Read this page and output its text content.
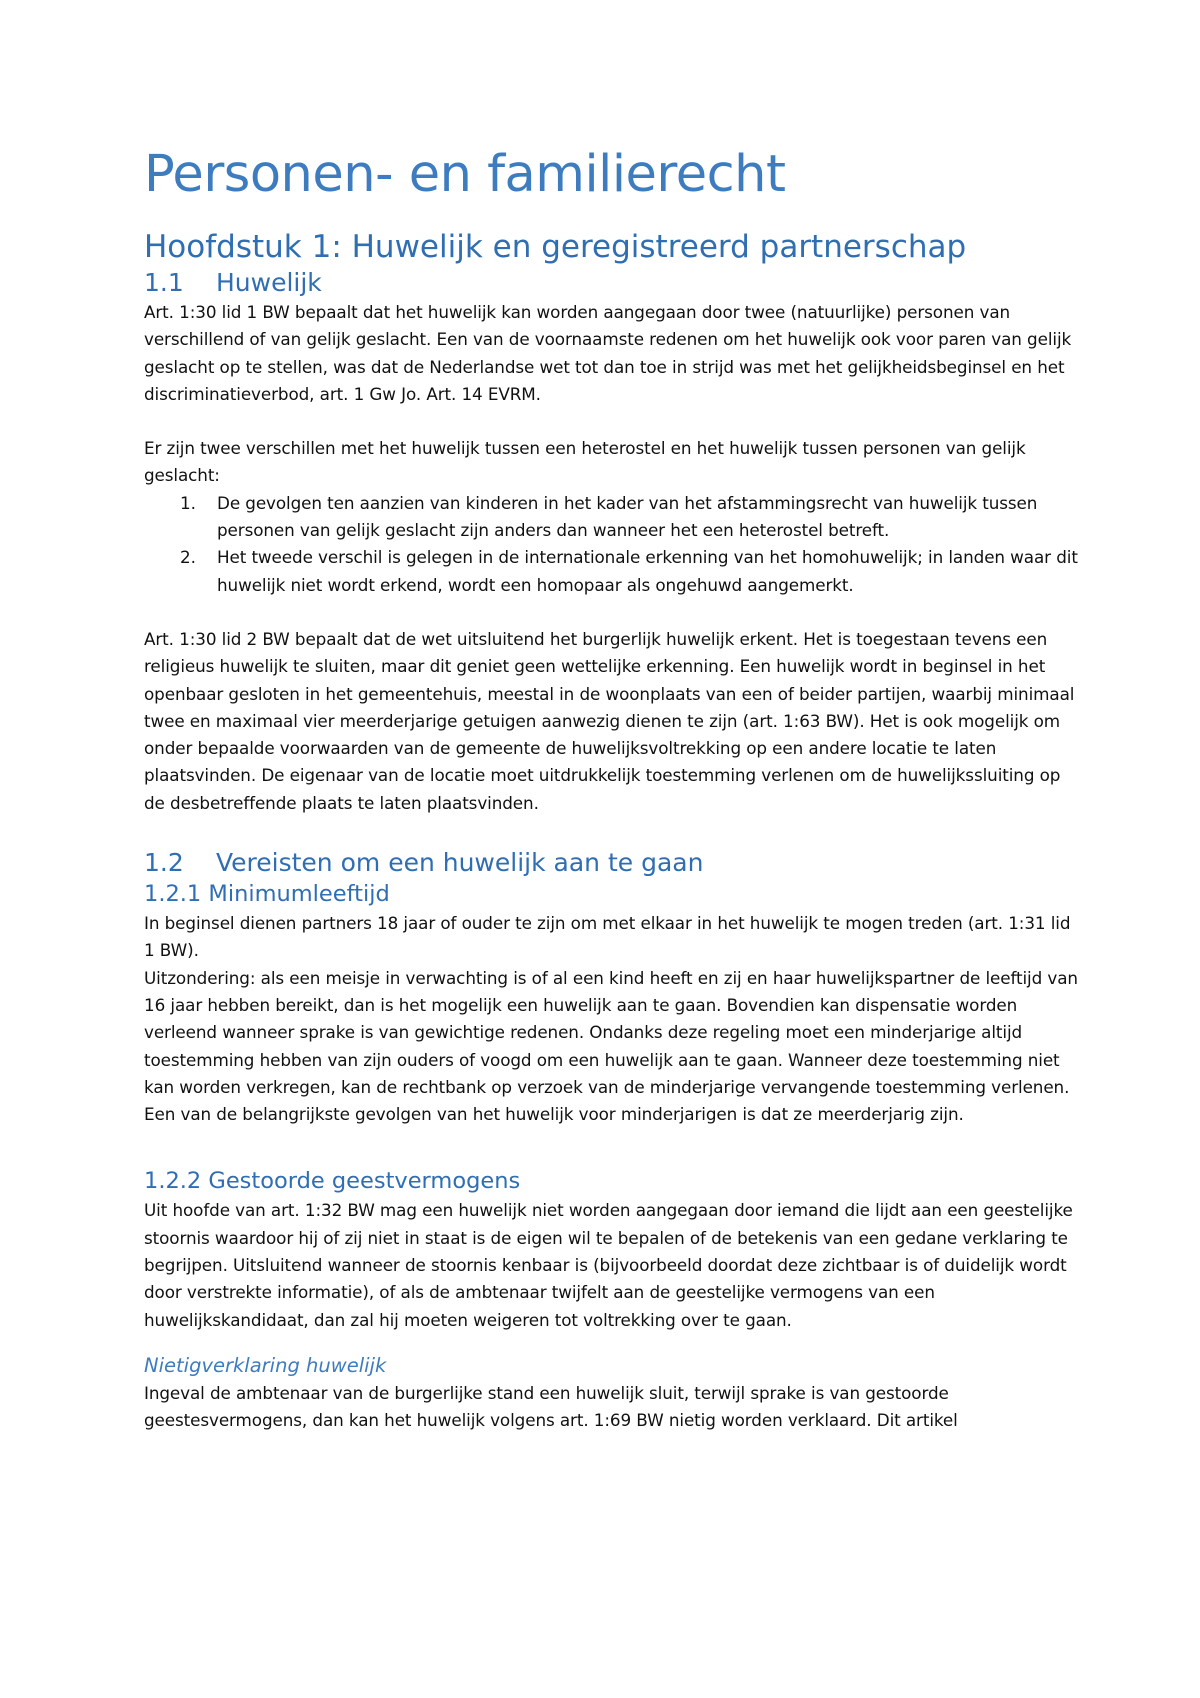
Personen- en familierecht
Hoofdstuk 1: Huwelijk en geregistreerd partnerschap
1.1 Huwelijk

Art. 1:30 lid 1 BW bepaalt dat het huwelijk kan worden aangegaan door twee (natuurlijke) personen van verschillend of van gelijk geslacht. Een van de voornaamste redenen om het huwelijk ook voor paren van gelijk geslacht op te stellen, was dat de Nederlandse wet tot dan toe in strijd was met het gelijkheidsbeginsel en het discriminatieverbod, art. 1 Gw Jo. Art. 14 EVRM.

Er zijn twee verschillen met het huwelijk tussen een heterostel en het huwelijk tussen personen van gelijk geslacht:

1. De gevolgen ten aanzien van kinderen in het kader van het afstammingsrecht van huwelijk tussen personen van gelijk geslacht zijn anders dan wanneer het een heterostel betreft.
2. Het tweede verschil is gelegen in de internationale erkenning van het homohuwelijk; in landen waar dit huwelijk niet wordt erkend, wordt een homopaar als ongehuwd aangemerkt.

Art. 1:30 lid 2 BW bepaalt dat de wet uitsluitend het burgerlijk huwelijk erkent. Het is toegestaan tevens een religieus huwelijk te sluiten, maar dit geniet geen wettelijke erkenning. Een huwelijk wordt in beginsel in het openbaar gesloten in het gemeentehuis, meestal in de woonplaats van een of beider partijen, waarbij minimaal twee en maximaal vier meerderjarige getuigen aanwezig dienen te zijn (art. 1:63 BW). Het is ook mogelijk om onder bepaalde voorwaarden van de gemeente de huwelijksvoltrekking op een andere locatie te laten plaatsvinden. De eigenaar van de locatie moet uitdrukkelijk toestemming verlenen om de huwelijkssluiting op de desbetreffende plaats te laten plaatsvinden.

1.2 Vereisten om een huwelijk aan te gaan
1.2.1 Minimumleeftijd

In beginsel dienen partners 18 jaar of ouder te zijn om met elkaar in het huwelijk te mogen treden (art. 1:31 lid 1 BW).

Uitzondering: als een meisje in verwachting is of al een kind heeft en zij en haar huwelijkspartner de leeftijd van 16 jaar hebben bereikt, dan is het mogelijk een huwelijk aan te gaan. Bovendien kan dispensatie worden verleend wanneer sprake is van gewichtige redenen. Ondanks deze regeling moet een minderjarige altijd toestemming hebben van zijn ouders of voogd om een huwelijk aan te gaan. Wanneer deze toestemming niet kan worden verkregen, kan de rechtbank op verzoek van de minderjarige vervangende toestemming verlenen. Een van de belangrijkste gevolgen van het huwelijk voor minderjarigen is dat ze meerderjarig zijn.

1.2.2 Gestoorde geestvermogens

Uit hoofde van art. 1:32 BW mag een huwelijk niet worden aangegaan door iemand die lijdt aan een geestelijke stoornis waardoor hij of zij niet in staat is de eigen wil te bepalen of de betekenis van een gedane verklaring te begrijpen. Uitsluitend wanneer de stoornis kenbaar is (bijvoorbeeld doordat deze zichtbaar is of duidelijk wordt door verstrekte informatie), of als de ambtenaar twijfelt aan de geestelijke vermogens van een huwelijkskandidaat, dan zal hij moeten weigeren tot voltrekking over te gaan.

Nietigverklaring huwelijk

Ingeval de ambtenaar van de burgerlijke stand een huwelijk sluit, terwijl sprake is van gestoorde geestesvermogens, dan kan het huwelijk volgens art. 1:69 BW nietig worden verklaard. Dit artikel
